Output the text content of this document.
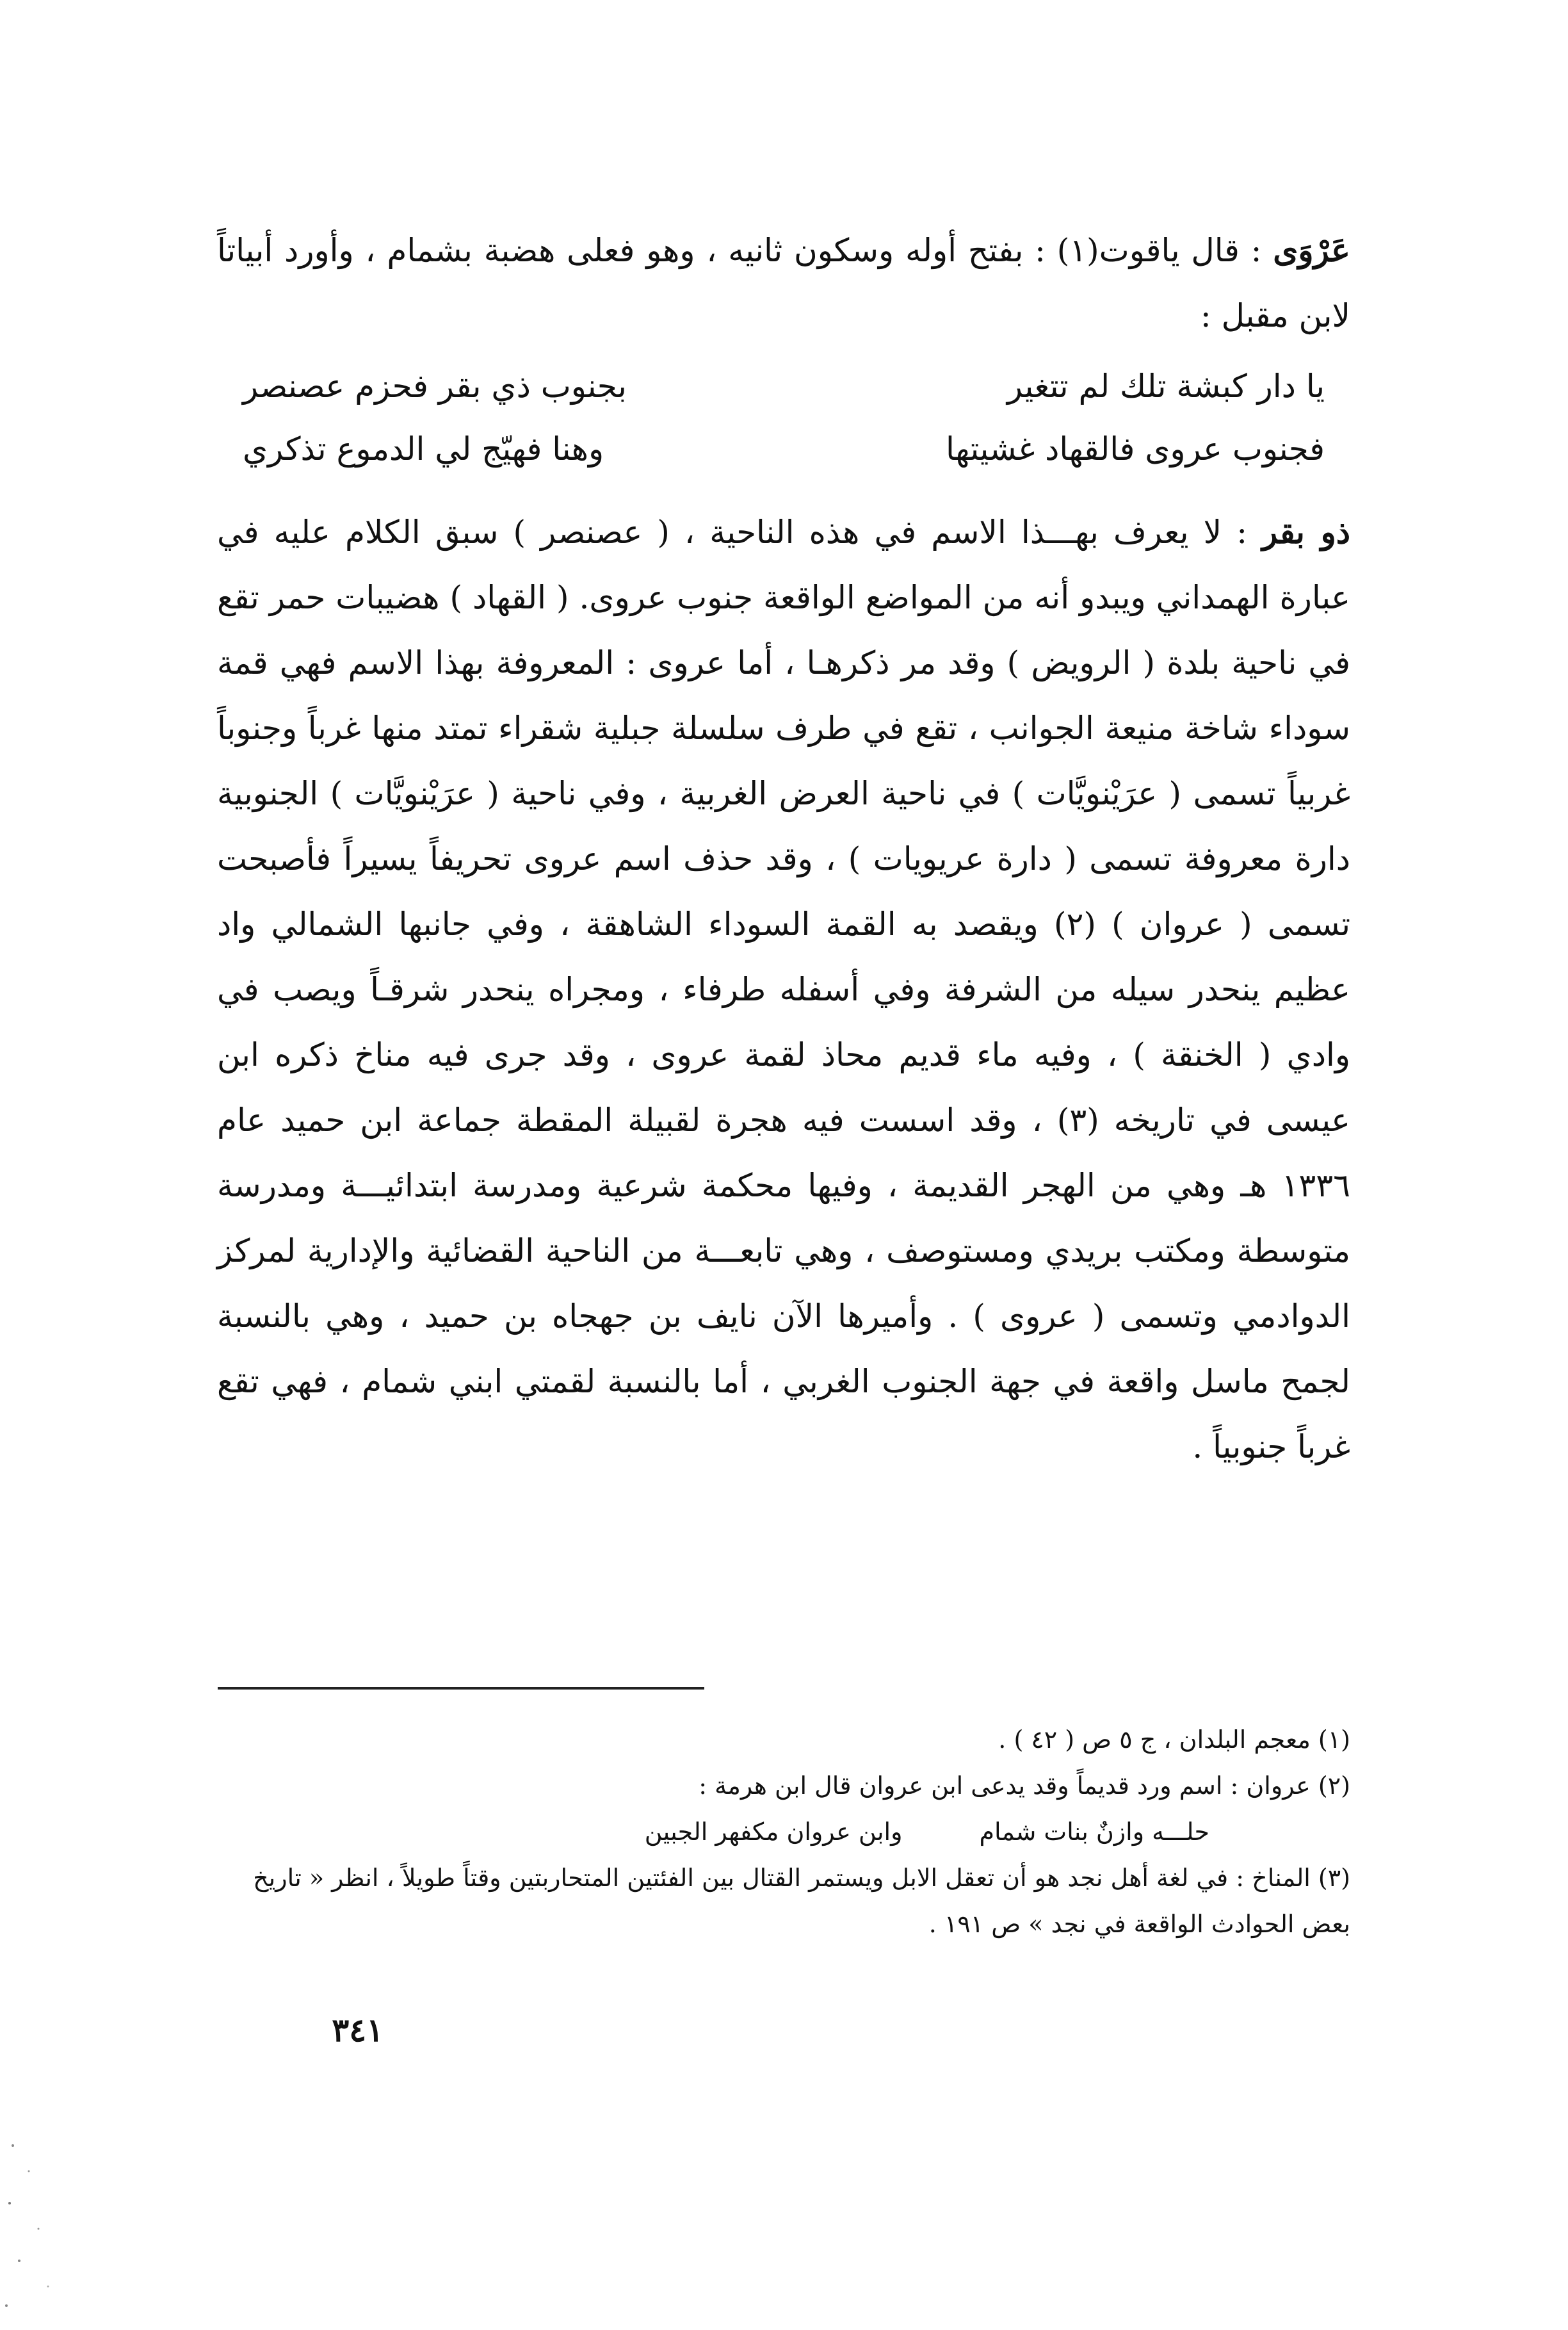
عَرْوَى : قال ياقوت(١) : بفتح أوله وسكون ثانيه ، وهو فعلى هضبة بشمام ، وأورد أبياتاً لابن مقبل :

يا دار كبشة تلك لم تتغير
بجنوب ذي بقر فحزم عصنصر
فجنوب عروى فالقهاد غشيتها
وهنا فهيّج لي الدموع تذكري

ذو بقر : لا يعرف بهـــذا الاسم في هذه الناحية ، ( عصنصر ) سبق الكلام عليه في عبارة الهمداني ويبدو أنه من المواضع الواقعة جنوب عروى. ( القهاد ) هضيبات حمر تقع في ناحية بلدة ( الرويض ) وقد مر ذكرهـا ، أما عروى : المعروفة بهذا الاسم فهي قمة سوداء شاخة منيعة الجوانب ، تقع في طرف سلسلة جبلية شقراء تمتد منها غرباً وجنوباً غربياً تسمى ( عرَيْنويَّات ) في ناحية العرض الغربية ، وفي ناحية ( عرَيْنويَّات ) الجنوبية دارة معروفة تسمى ( دارة عريويات ) ، وقد حذف اسم عروى تحريفاً يسيراً فأصبحت تسمى ( عروان ) (٢) ويقصد به القمة السوداء الشاهقة ، وفي جانبها الشمالي واد عظيم ينحدر سيله من الشرفة وفي أسفله طرفاء ، ومجراه ينحدر شرقـاً ويصب في وادي ( الخنقة ) ، وفيه ماء قديم محاذ لقمة عروى ، وقد جرى فيه مناخ ذكره ابن عيسى في تاريخه (٣) ، وقد اسست فيه هجرة لقبيلة المقطة جماعة ابن حميد عام ١٣٣٦ هـ وهي من الهجر القديمة ، وفيها محكمة شرعية ومدرسة ابتدائيـــة ومدرسة متوسطة ومكتب بريدي ومستوصف ، وهي تابعـــة من الناحية القضائية والإدارية لمركز الدوادمي وتسمى ( عروى ) . وأميرها الآن نايف بن جهجاه بن حميد ، وهي بالنسبة لجمح ماسل واقعة في جهة الجنوب الغربي ، أما بالنسبة لقمتي ابني شمام ، فهي تقع غرباً جنوبياً .

(١) معجم البلدان ، ج ٥ ص ( ٤٢ ) .

(٢) عروان : اسم ورد قديماً وقد يدعى ابن عروان قال ابن هرمة :

حلـــه وازنٌ بنات شمام
وابن عروان مكفهر الجبين

(٣) المناخ : في لغة أهل نجد هو أن تعقل الابل ويستمر القتال بين الفئتين المتحاربتين وقتاً طويلاً ، انظر « تاريخ بعض الحوادث الواقعة في نجد » ص ١٩١ .

٣٤١
